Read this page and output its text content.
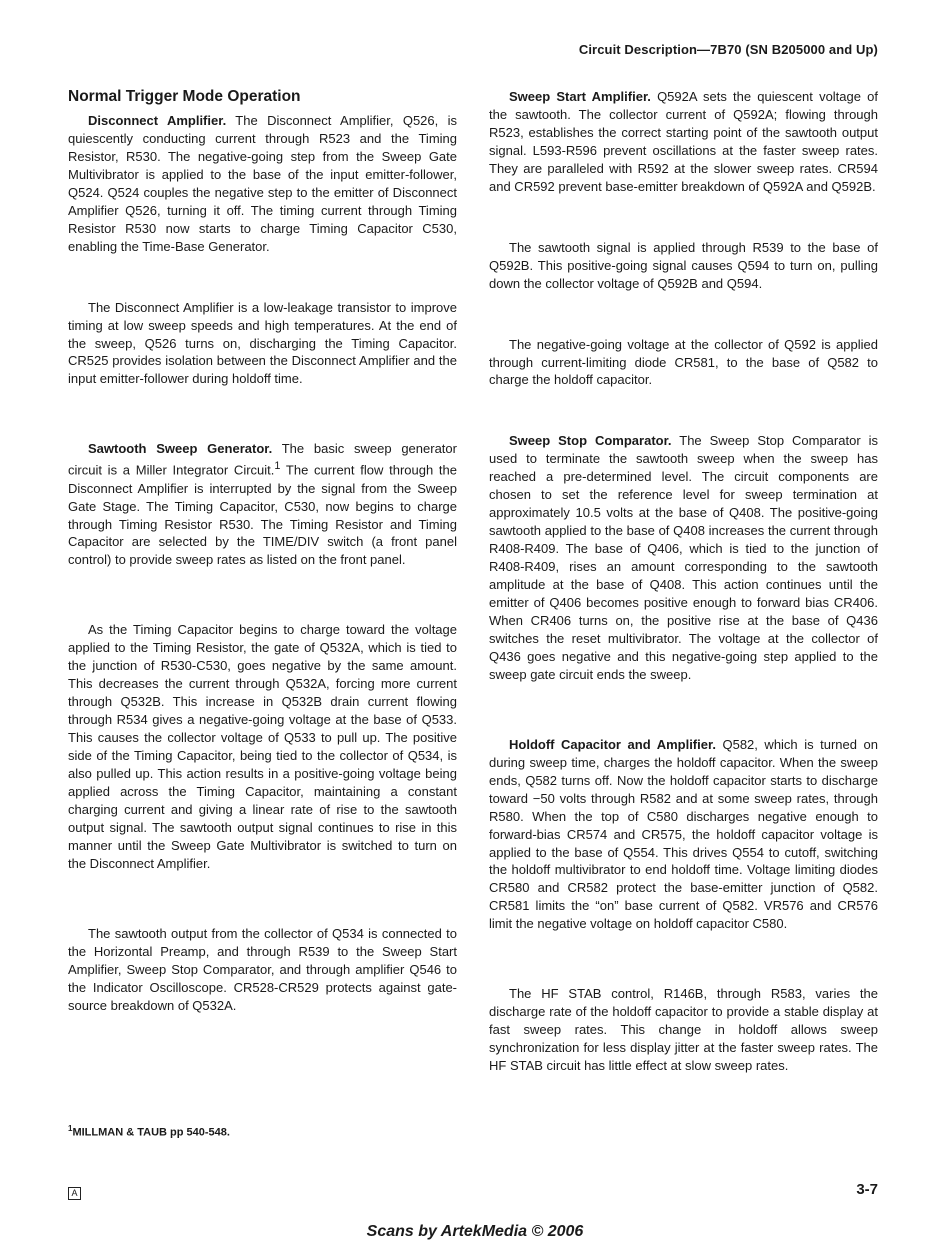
Circuit Description—7B70 (SN B205000 and Up)
Normal Trigger Mode Operation

Disconnect Amplifier. The Disconnect Amplifier, Q526, is quiescently conducting current through R523 and the Timing Resistor, R530. The negative-going step from the Sweep Gate Multivibrator is applied to the base of the input emitter-follower, Q524. Q524 couples the negative step to the emitter of Disconnect Amplifier Q526, turning it off. The timing current through Timing Resistor R530 now starts to charge Timing Capacitor C530, enabling the Time-Base Generator.

The Disconnect Amplifier is a low-leakage transistor to improve timing at low sweep speeds and high temperatures. At the end of the sweep, Q526 turns on, discharging the Timing Capacitor. CR525 provides isolation between the Disconnect Amplifier and the input emitter-follower during holdoff time.

Sawtooth Sweep Generator. The basic sweep generator circuit is a Miller Integrator Circuit.$^1$ The current flow through the Disconnect Amplifier is interrupted by the signal from the Sweep Gate Stage. The Timing Capacitor, C530, now begins to charge through Timing Resistor R530. The Timing Resistor and Timing Capacitor are selected by the TIME/DIV switch (a front panel control) to provide sweep rates as listed on the front panel.

As the Timing Capacitor begins to charge toward the voltage applied to the Timing Resistor, the gate of Q532A, which is tied to the junction of R530-C530, goes negative by the same amount. This decreases the current through Q532A, forcing more current through Q532B. This increase in Q532B drain current flowing through R534 gives a negative-going voltage at the base of Q533. This causes the collector voltage of Q533 to pull up. The positive side of the Timing Capacitor, being tied to the collector of Q534, is also pulled up. This action results in a positive-going voltage being applied across the Timing Capacitor, maintaining a constant charging current and giving a linear rate of rise to the sawtooth output signal. The sawtooth output signal continues to rise in this manner until the Sweep Gate Multivibrator is switched to turn on the Disconnect Amplifier.

The sawtooth output from the collector of Q534 is connected to the Horizontal Preamp, and through R539 to the Sweep Start Amplifier, Sweep Stop Comparator, and through amplifier Q546 to the Indicator Oscilloscope. CR528-CR529 protects against gate-source breakdown of Q532A.

Sweep Start Amplifier. Q592A sets the quiescent voltage of the sawtooth. The collector current of Q592A; flowing through R523, establishes the correct starting point of the sawtooth output signal. L593-R596 prevent oscillations at the faster sweep rates. They are paralleled with R592 at the slower sweep rates. CR594 and CR592 prevent base-emitter breakdown of Q592A and Q592B.

The sawtooth signal is applied through R539 to the base of Q592B. This positive-going signal causes Q594 to turn on, pulling down the collector voltage of Q592B and Q594.

The negative-going voltage at the collector of Q592 is applied through current-limiting diode CR581, to the base of Q582 to charge the holdoff capacitor.

Sweep Stop Comparator. The Sweep Stop Comparator is used to terminate the sawtooth sweep when the sweep has reached a pre-determined level. The circuit components are chosen to set the reference level for sweep termination at approximately 10.5 volts at the base of Q408. The positive-going sawtooth applied to the base of Q408 increases the current through R408-R409. The base of Q406, which is tied to the junction of R408-R409, rises an amount corresponding to the sawtooth amplitude at the base of Q408. This action continues until the emitter of Q406 becomes positive enough to forward bias CR406. When CR406 turns on, the positive rise at the base of Q436 switches the reset multivibrator. The voltage at the collector of Q436 goes negative and this negative-going step applied to the sweep gate circuit ends the sweep.

Holdoff Capacitor and Amplifier. Q582, which is turned on during sweep time, charges the holdoff capacitor. When the sweep ends, Q582 turns off. Now the holdoff capacitor starts to discharge toward −50 volts through R582 and at some sweep rates, through R580. When the top of C580 discharges negative enough to forward-bias CR574 and CR575, the holdoff capacitor voltage is applied to the base of Q554. This drives Q554 to cutoff, switching the holdoff multivibrator to end holdoff time. Voltage limiting diodes CR580 and CR582 protect the base-emitter junction of Q582. CR581 limits the “on” base current of Q582. VR576 and CR576 limit the negative voltage on holdoff capacitor C580.

The HF STAB control, R146B, through R583, varies the discharge rate of the holdoff capacitor to provide a stable display at fast sweep rates. This change in holdoff allows sweep synchronization for less display jitter at the faster sweep rates. The HF STAB circuit has little effect at slow sweep rates.

$^1$MILLMAN & TAUB pp 540-548.
A	3-7
Scans by ArtekMedia © 2006
